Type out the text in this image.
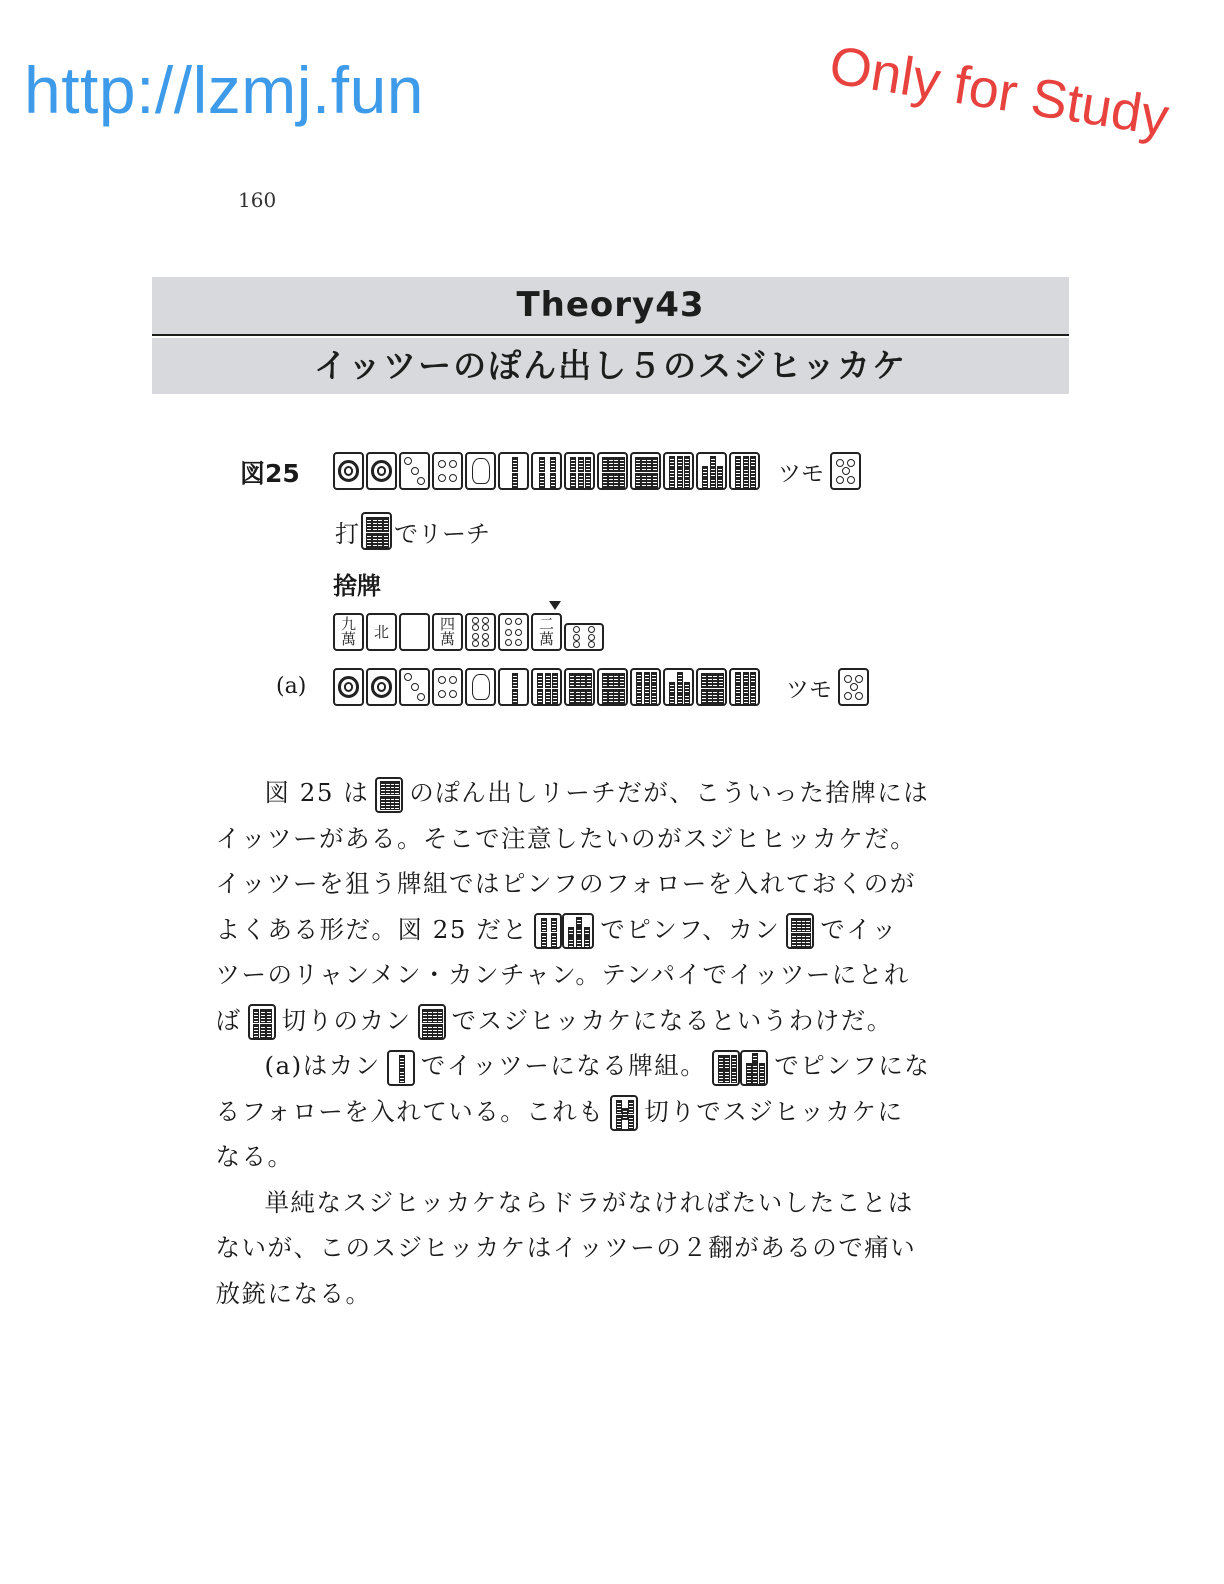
http://lzmj.fun	Only for Study
160
Theory43
イッツーのぽん出し５のスジヒッカケ
図25	ツモ
打 でリーチ
捨牌
九萬	北	四萬
二萬
(a)	ツモ

図 25 は のぽん出しリーチだが、こういった捨牌には
イッツーがある。そこで注意したいのがスジヒヒッカケだ。
イッツーを狙う牌組ではピンフのフォローを入れておくのが
よくある形だ。図 25 だと	でピンフ、カン でイッ
ツーのリャンメン・カンチャン。テンパイでイッツーにとれ
ば 切りのカン でスジヒッカケになるというわけだ。

(a)はカン でイッツーになる牌組。	でピンフにな
るフォローを入れている。これも 切りでスジヒッカケに
なる。

単純なスジヒッカケならドラがなければたいしたことは
ないが、このスジヒッカケはイッツーの２翻があるので痛い
放銃になる。
